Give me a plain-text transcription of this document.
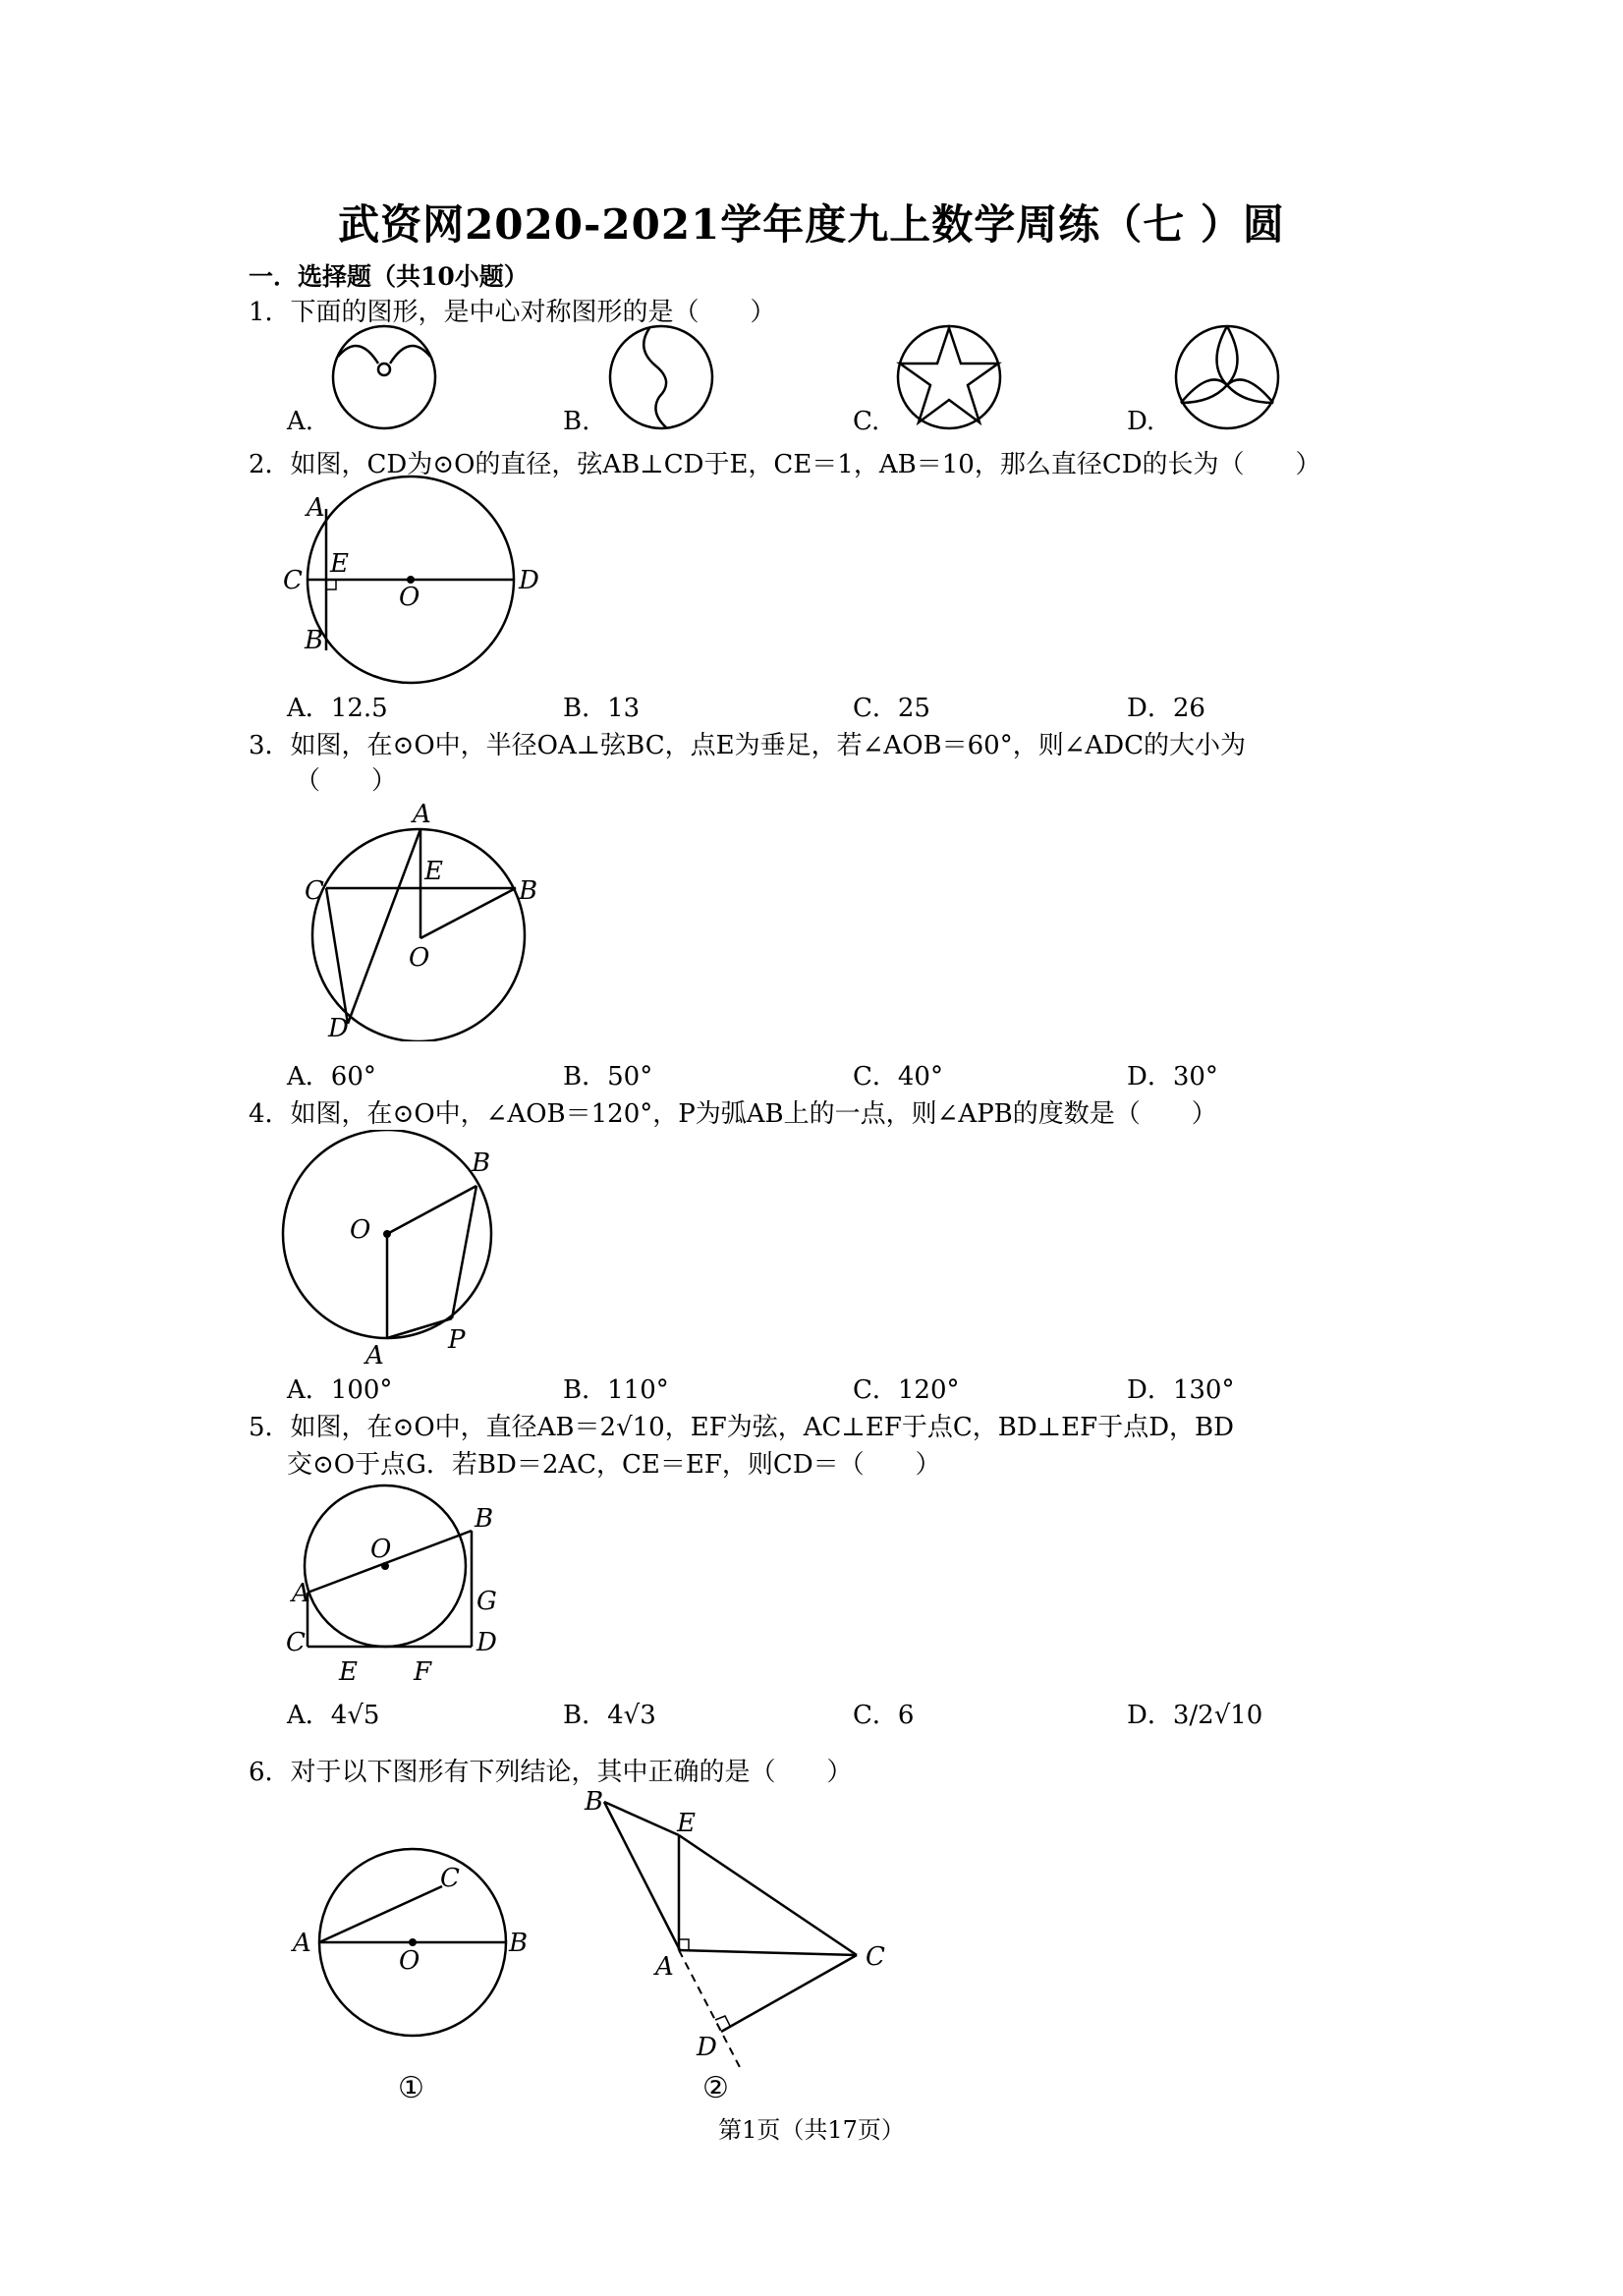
武资网2020-2021学年度九上数学周练（七 ）圆
一．选择题（共10小题）
1．下面的图形，是中心对称图形的是（　　）
A.	B.	C.	D.
2．如图，CD为⊙O的直径，弦AB⊥CD于E，CE＝1，AB＝10，那么直径CD的长为（　　）
A
C
E
O
D
B
A．12.5	B．13	C．25	D．26
3．如图，在⊙O中，半径OA⊥弦BC，点E为垂足，若∠AOB＝60°，则∠ADC的大小为
（　　）
A
C
E
B
O
D
A．60°	B．50°	C．40°	D．30°
4．如图，在⊙O中，∠AOB＝120°，P为弧AB上的一点，则∠APB的度数是（　　）
B
O
P
A
A．100°	B．110°	C．120°	D．130°
5．如图，在⊙O中，直径AB＝2√10，EF为弦，AC⊥EF于点C，BD⊥EF于点D，BD
交⊙O于点G．若BD＝2AC，CE＝EF，则CD＝（　　）
B
O
A	G
C	D
E F
A．4√5	B．4√3	C．6	D．3/2√10
6．对于以下图形有下列结论，其中正确的是（　　）
C
A
O
B
①
B
E
A	C
D
②
第1页（共17页）
